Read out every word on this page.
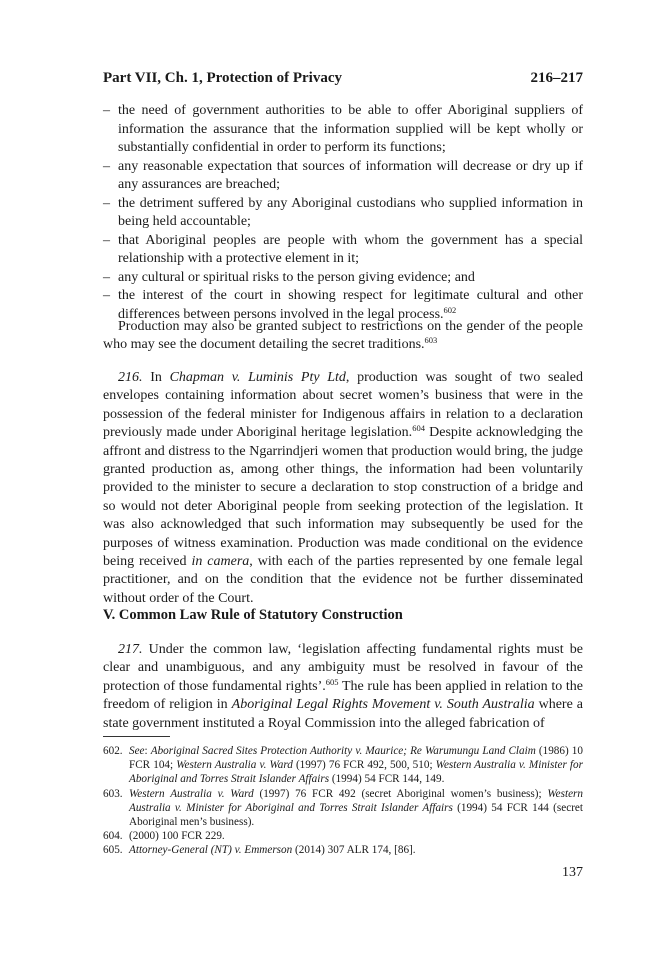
Part VII, Ch. 1, Protection of Privacy	216–217
– the need of government authorities to be able to offer Aboriginal suppliers of information the assurance that the information supplied will be kept wholly or substantially confidential in order to perform its functions;
– any reasonable expectation that sources of information will decrease or dry up if any assurances are breached;
– the detriment suffered by any Aboriginal custodians who supplied information in being held accountable;
– that Aboriginal peoples are people with whom the government has a special relationship with a protective element in it;
– any cultural or spiritual risks to the person giving evidence; and
– the interest of the court in showing respect for legitimate cultural and other differences between persons involved in the legal process.$^{602}$

Production may also be granted subject to restrictions on the gender of the people who may see the document detailing the secret traditions.$^{603}$

216. In Chapman v. Luminis Pty Ltd, production was sought of two sealed envelopes containing information about secret women’s business that were in the possession of the federal minister for Indigenous affairs in relation to a declaration previously made under Aboriginal heritage legislation.$^{604}$ Despite acknowledging the affront and distress to the Ngarrindjeri women that production would bring, the judge granted production as, among other things, the information had been voluntarily provided to the minister to secure a declaration to stop construction of a bridge and so would not deter Aboriginal people from seeking protection of the legislation. It was also acknowledged that such information may subsequently be used for the purposes of witness examination. Production was made conditional on the evidence being received in camera, with each of the parties represented by one female legal practitioner, and on the condition that the evidence not be further disseminated without order of the Court.

V. Common Law Rule of Statutory Construction

217. Under the common law, ‘legislation affecting fundamental rights must be clear and unambiguous, and any ambiguity must be resolved in favour of the protection of those fundamental rights’.$^{605}$ The rule has been applied in relation to the freedom of religion in Aboriginal Legal Rights Movement v. South Australia where a state government instituted a Royal Commission into the alleged fabrication of

602. See: Aboriginal Sacred Sites Protection Authority v. Maurice; Re Warumungu Land Claim (1986) 10 FCR 104; Western Australia v. Ward (1997) 76 FCR 492, 500, 510; Western Australia v. Minister for Aboriginal and Torres Strait Islander Affairs (1994) 54 FCR 144, 149.
603. Western Australia v. Ward (1997) 76 FCR 492 (secret Aboriginal women’s business); Western Australia v. Minister for Aboriginal and Torres Strait Islander Affairs (1994) 54 FCR 144 (secret Aboriginal men’s business).
604. (2000) 100 FCR 229.
605. Attorney-General (NT) v. Emmerson (2014) 307 ALR 174, [86].
137
